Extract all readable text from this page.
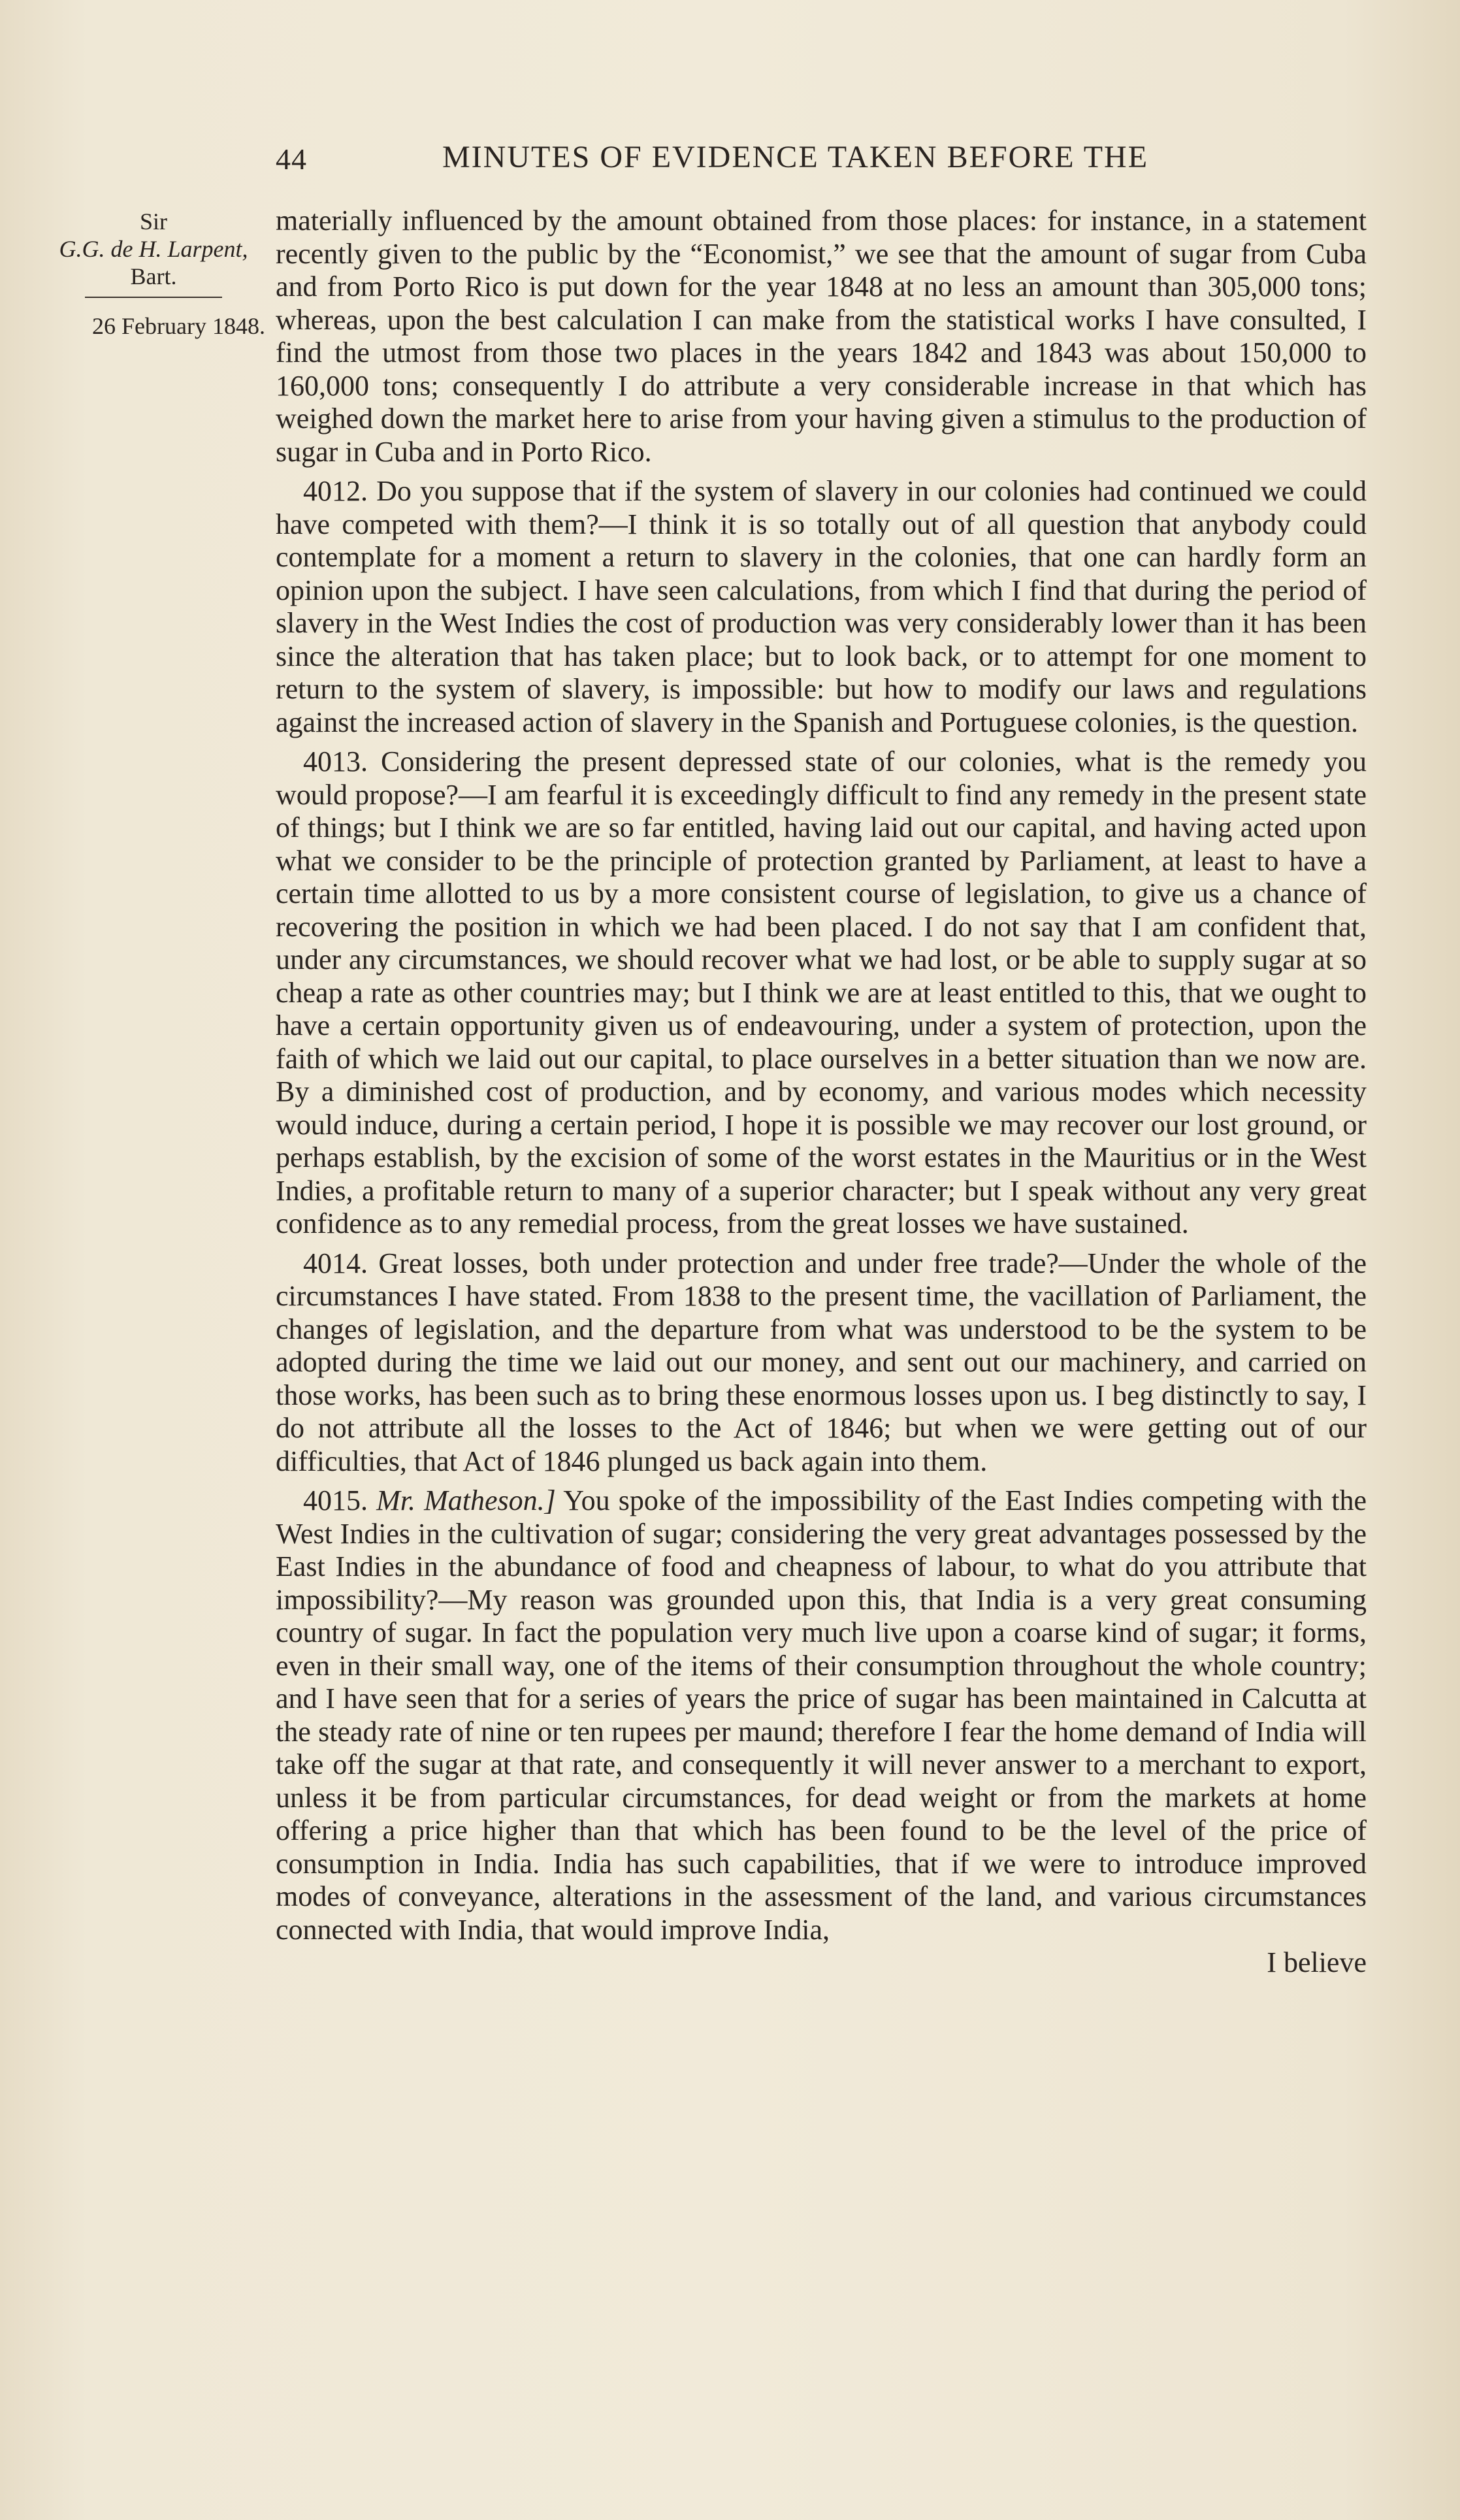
44	MINUTES OF EVIDENCE TAKEN BEFORE THE
Sir
G.G. de H. Larpent,
Bart.
26 February 1848.

materially influenced by the amount obtained from those places: for instance, in a statement recently given to the public by the “Economist,” we see that the amount of sugar from Cuba and from Porto Rico is put down for the year 1848 at no less an amount than 305,000 tons; whereas, upon the best calculation I can make from the statistical works I have consulted, I find the utmost from those two places in the years 1842 and 1843 was about 150,000 to 160,000 tons; consequently I do attribute a very considerable increase in that which has weighed down the market here to arise from your having given a stimulus to the production of sugar in Cuba and in Porto Rico.

4012. Do you suppose that if the system of slavery in our colonies had continued we could have competed with them?—I think it is so totally out of all question that anybody could contemplate for a moment a return to slavery in the colonies, that one can hardly form an opinion upon the subject. I have seen calculations, from which I find that during the period of slavery in the West Indies the cost of production was very considerably lower than it has been since the alteration that has taken place; but to look back, or to attempt for one moment to return to the system of slavery, is impossible: but how to modify our laws and regulations against the increased action of slavery in the Spanish and Portuguese colonies, is the question.

4013. Considering the present depressed state of our colonies, what is the remedy you would propose?—I am fearful it is exceedingly difficult to find any remedy in the present state of things; but I think we are so far entitled, having laid out our capital, and having acted upon what we consider to be the principle of protection granted by Parliament, at least to have a certain time allotted to us by a more consistent course of legislation, to give us a chance of recovering the position in which we had been placed. I do not say that I am confident that, under any circumstances, we should recover what we had lost, or be able to supply sugar at so cheap a rate as other countries may; but I think we are at least entitled to this, that we ought to have a certain opportunity given us of endeavouring, under a system of protection, upon the faith of which we laid out our capital, to place ourselves in a better situation than we now are. By a diminished cost of production, and by economy, and various modes which necessity would induce, during a certain period, I hope it is possible we may recover our lost ground, or perhaps establish, by the excision of some of the worst estates in the Mauritius or in the West Indies, a profitable return to many of a superior character; but I speak without any very great confidence as to any remedial process, from the great losses we have sustained.

4014. Great losses, both under protection and under free trade?—Under the whole of the circumstances I have stated. From 1838 to the present time, the vacillation of Parliament, the changes of legislation, and the departure from what was understood to be the system to be adopted during the time we laid out our money, and sent out our machinery, and carried on those works, has been such as to bring these enormous losses upon us. I beg distinctly to say, I do not attribute all the losses to the Act of 1846; but when we were getting out of our difficulties, that Act of 1846 plunged us back again into them.

4015. Mr. Matheson.] You spoke of the impossibility of the East Indies competing with the West Indies in the cultivation of sugar; considering the very great advantages possessed by the East Indies in the abundance of food and cheapness of labour, to what do you attribute that impossibility?—My reason was grounded upon this, that India is a very great consuming country of sugar. In fact the population very much live upon a coarse kind of sugar; it forms, even in their small way, one of the items of their consumption throughout the whole country; and I have seen that for a series of years the price of sugar has been maintained in Calcutta at the steady rate of nine or ten rupees per maund; therefore I fear the home demand of India will take off the sugar at that rate, and consequently it will never answer to a merchant to export, unless it be from particular circumstances, for dead weight or from the markets at home offering a price higher than that which has been found to be the level of the price of consumption in India. India has such capabilities, that if we were to introduce improved modes of conveyance, alterations in the assessment of the land, and various circumstances connected with India, that would improve India,

I believe
